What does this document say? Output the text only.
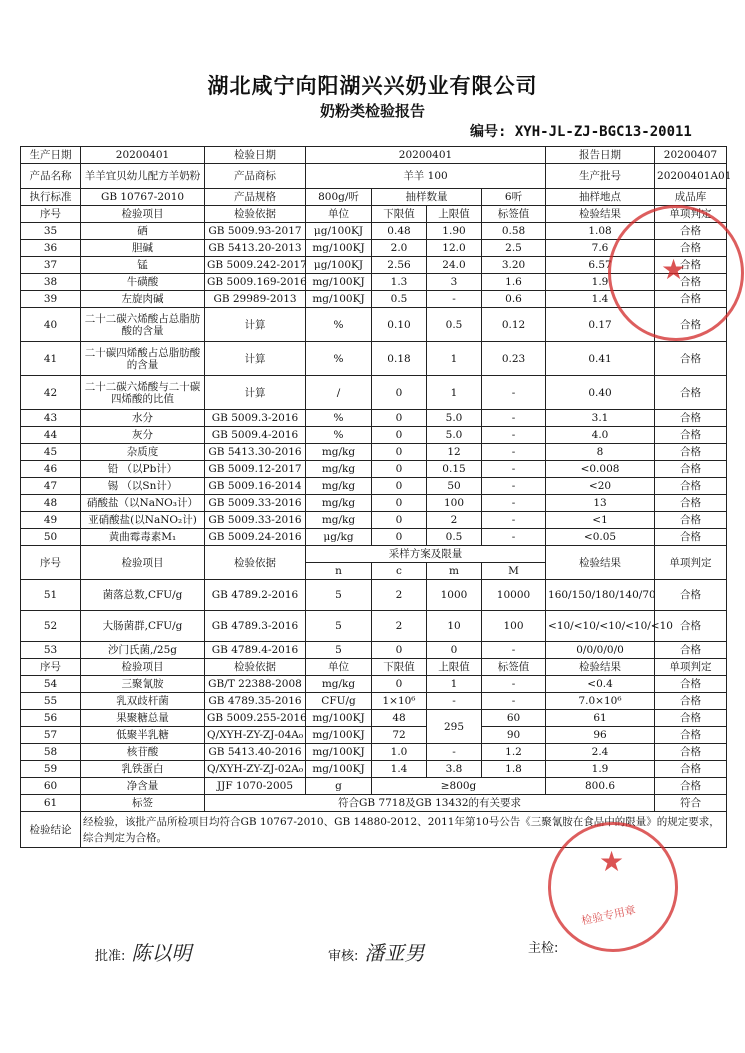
湖北咸宁向阳湖兴兴奶业有限公司
奶粉类检验报告
编号: XYH-JL-ZJ-BGC13-20011
生产日期	20200401	检验日期	20200401				报告日期	20200407
产品名称	羊羊宜贝幼儿配方羊奶粉	产品商标	羊羊 100				生产批号	20200401A01
执行标准	GB 10767-2010	产品规格	800g/听	抽样数量		6听	抽样地点	成品库
序号	检验项目	检验依据	单位	下限值	上限值	标签值	检验结果	单项判定
35	硒	GB 5009.93-2017	μg/100KJ	0.48	1.90	0.58	1.08	合格
36	胆碱	GB 5413.20-2013	mg/100KJ	2.0	12.0	2.5	7.6	合格
37	锰	GB 5009.242-2017	μg/100KJ	2.56	24.0	3.20	6.57	合格
38	牛磺酸	GB 5009.169-2016	mg/100KJ	1.3	3	1.6	1.9	合格
39	左旋肉碱	GB 29989-2013	mg/100KJ	0.5	-	0.6	1.4	合格
40	二十二碳六烯酸占总脂肪酸的含量	计算	%	0.10	0.5	0.12	0.17	合格
41	二十碳四烯酸占总脂肪酸的含量	计算	%	0.18	1	0.23	0.41	合格
42	二十二碳六烯酸与二十碳四烯酸的比值	计算	/	0	1	-	0.40	合格
43	水分	GB 5009.3-2016	%	0	5.0	-	3.1	合格
44	灰分	GB 5009.4-2016	%	0	5.0	-	4.0	合格
45	杂质度	GB 5413.30-2016	mg/kg	0	12	-	8	合格
46	铅 （以Pb计）	GB 5009.12-2017	mg/kg	0	0.15	-	<0.008	合格
47	锡 （以Sn计）	GB 5009.16-2014	mg/kg	0	50	-	<20	合格
48	硝酸盐（以NaNO₃计）	GB 5009.33-2016	mg/kg	0	100	-	13	合格
49	亚硝酸盐(以NaNO₂计)	GB 5009.33-2016	mg/kg	0	2	-	<1	合格
50	黄曲霉毒素M₁	GB 5009.24-2016	μg/kg	0	0.5	-	<0.05	合格
序号	检验项目	检验依据	采样方案及限量				检验结果	单项判定
			n	c	m	M		
51	菌落总数,CFU/g	GB 4789.2-2016	5	2	1000	10000	160/150/180/140/70	合格
52	大肠菌群,CFU/g	GB 4789.3-2016	5	2	10	100	<10/<10/<10/<10/<10	合格
53	沙门氏菌,/25g	GB 4789.4-2016	5	0	0	-	0/0/0/0/0	合格
序号	检验项目	检验依据	单位	下限值	上限值	标签值	检验结果	单项判定
54	三聚氰胺	GB/T 22388-2008	mg/kg	0	1	-	<0.4	合格
55	乳双歧杆菌	GB 4789.35-2016	CFU/g	1×10⁶	-	-	7.0×10⁶	合格
56	果聚糖总量	GB 5009.255-2016	mg/100KJ	48	295	60	61	合格
57	低聚半乳糖	Q/XYH-ZY-ZJ-04A₀	mg/100KJ	72		90	96	合格
58	核苷酸	GB 5413.40-2016	mg/100KJ	1.0	-	1.2	2.4	合格
59	乳铁蛋白	Q/XYH-ZY-ZJ-02A₀	mg/100KJ	1.4	3.8	1.8	1.9	合格
60	净含量	JJF 1070-2005	g	≥800g			800.6	合格
61	标签	符合GB 7718及GB 13432的有关要求						符合
检验结论	经检验，该批产品所检项目均符合GB 10767-2010、GB 14880-2012、2011年第10号公告《三聚氰胺在食品中的限量》的规定要求，综合判定为合格。							
★
★
检验专用章
批准: 陈以明	审核: 潘亚男	主检:
